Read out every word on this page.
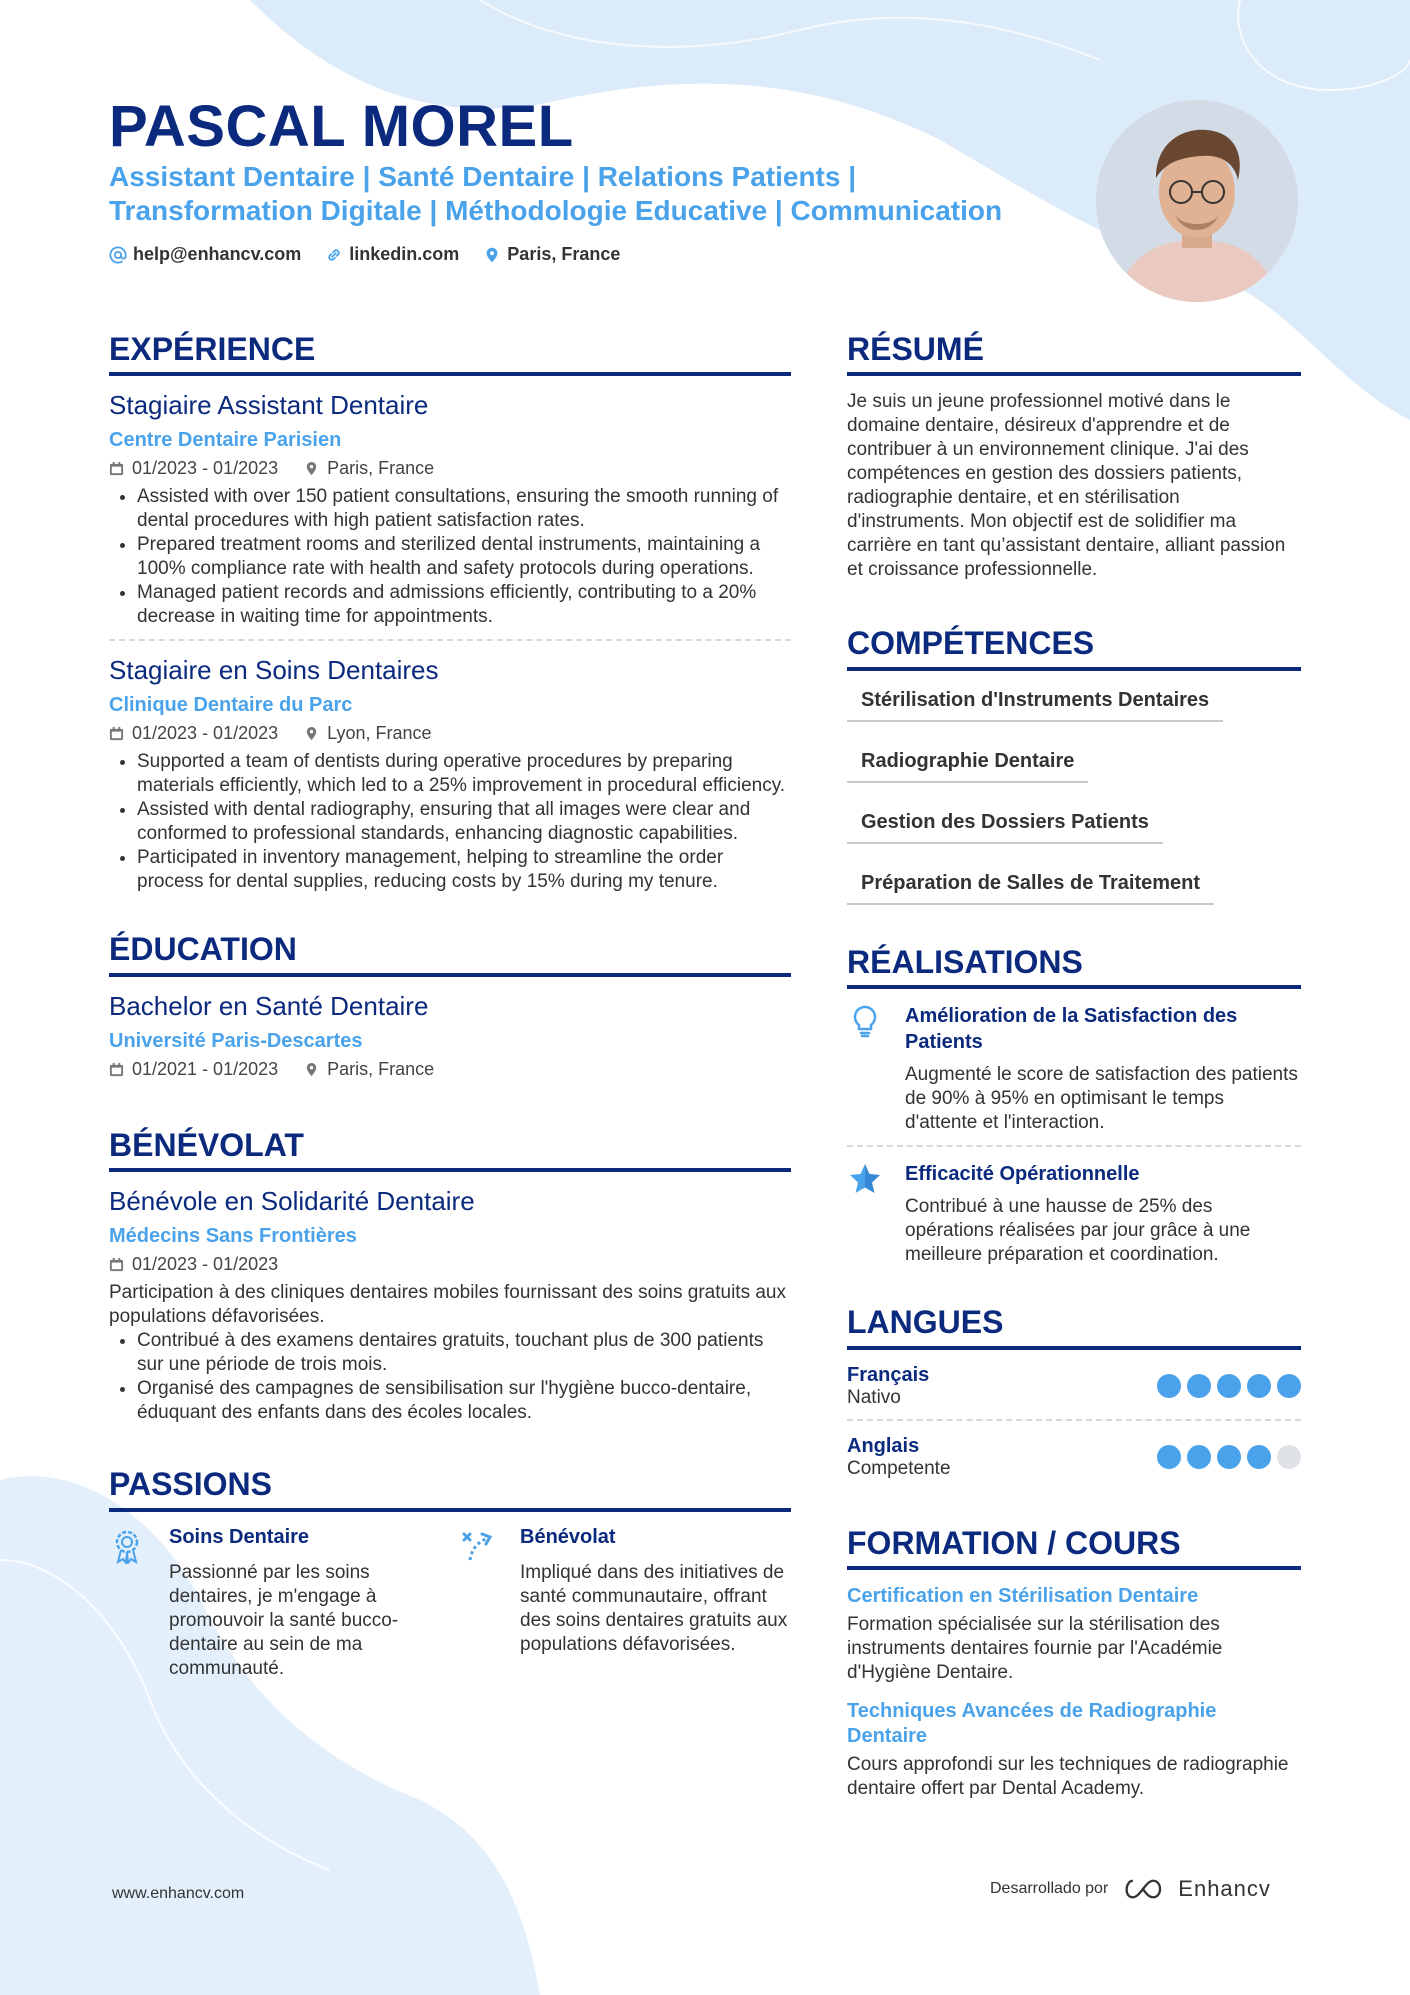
PASCAL MOREL
Assistant Dentaire | Santé Dentaire | Relations Patients | Transformation Digitale | Méthodologie Educative | Communication
help@enhancv.com	linkedin.com	Paris, France
EXPÉRIENCE
Stagiaire Assistant Dentaire
Centre Dentaire Parisien
01/2023 - 01/2023	Paris, France
• Assisted with over 150 patient consultations, ensuring the smooth running of dental procedures with high patient satisfaction rates.
• Prepared treatment rooms and sterilized dental instruments, maintaining a 100% compliance rate with health and safety protocols during operations.
• Managed patient records and admissions efficiently, contributing to a 20% decrease in waiting time for appointments.
Stagiaire en Soins Dentaires
Clinique Dentaire du Parc
01/2023 - 01/2023	Lyon, France
• Supported a team of dentists during operative procedures by preparing materials efficiently, which led to a 25% improvement in procedural efficiency.
• Assisted with dental radiography, ensuring that all images were clear and conformed to professional standards, enhancing diagnostic capabilities.
• Participated in inventory management, helping to streamline the order process for dental supplies, reducing costs by 15% during my tenure.
ÉDUCATION
Bachelor en Santé Dentaire
Université Paris-Descartes
01/2021 - 01/2023	Paris, France
BÉNÉVOLAT
Bénévole en Solidarité Dentaire
Médecins Sans Frontières
01/2023 - 01/2023

Participation à des cliniques dentaires mobiles fournissant des soins gratuits aux populations défavorisées.

• Contribué à des examens dentaires gratuits, touchant plus de 300 patients sur une période de trois mois.
• Organisé des campagnes de sensibilisation sur l'hygiène bucco-dentaire, éduquant des enfants dans des écoles locales.
PASSIONS
Soins Dentaire
Passionné par les soins dentaires, je m'engage à promouvoir la santé bucco-dentaire au sein de ma communauté.
Bénévolat
Impliqué dans des initiatives de santé communautaire, offrant des soins dentaires gratuits aux populations défavorisées.
RÉSUMÉ

Je suis un jeune professionnel motivé dans le domaine dentaire, désireux d'apprendre et de contribuer à un environnement clinique. J'ai des compétences en gestion des dossiers patients, radiographie dentaire, et en stérilisation d'instruments. Mon objectif est de solidifier ma carrière en tant qu’assistant dentaire, alliant passion et croissance professionnelle.

COMPÉTENCES
Stérilisation d'Instruments Dentaires
Radiographie Dentaire
Gestion des Dossiers Patients
Préparation de Salles de Traitement
RÉALISATIONS
Amélioration de la Satisfaction des Patients
Augmenté le score de satisfaction des patients de 90% à 95% en optimisant le temps d'attente et l'interaction.
Efficacité Opérationnelle
Contribué à une hausse de 25% des opérations réalisées par jour grâce à une meilleure préparation et coordination.
LANGUES
Français
Nativo
Anglais
Competente
FORMATION / COURS
Certification en Stérilisation Dentaire
Formation spécialisée sur la stérilisation des instruments dentaires fournie par l'Académie d'Hygiène Dentaire.
Techniques Avancées de Radiographie Dentaire
Cours approfondi sur les techniques de radiographie dentaire offert par Dental Academy.
www.enhancv.com	Desarrollado por	Enhancv
